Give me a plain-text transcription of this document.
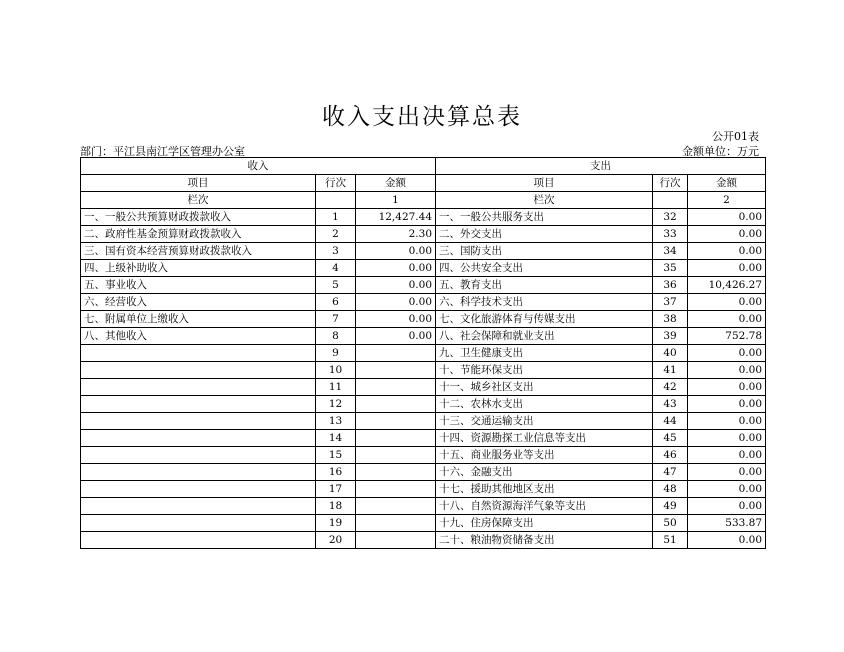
收入支出决算总表
公开01表
部门：平江县南江学区管理办公室	金额单位：万元
收入			支出		
项目	行次	金额	项目	行次	金额
栏次		1	栏次		2
一、一般公共预算财政拨款收入	1	12,427.44	一、一般公共服务支出	32	0.00
二、政府性基金预算财政拨款收入	2	2.30	二、外交支出	33	0.00
三、国有资本经营预算财政拨款收入	3	0.00	三、国防支出	34	0.00
四、上级补助收入	4	0.00	四、公共安全支出	35	0.00
五、事业收入	5	0.00	五、教育支出	36	10,426.27
六、经营收入	6	0.00	六、科学技术支出	37	0.00
七、附属单位上缴收入	7	0.00	七、文化旅游体育与传媒支出	38	0.00
八、其他收入	8	0.00	八、社会保障和就业支出	39	752.78
	9		九、卫生健康支出	40	0.00
	10		十、节能环保支出	41	0.00
	11		十一、城乡社区支出	42	0.00
	12		十二、农林水支出	43	0.00
	13		十三、交通运输支出	44	0.00
	14		十四、资源勘探工业信息等支出	45	0.00
	15		十五、商业服务业等支出	46	0.00
	16		十六、金融支出	47	0.00
	17		十七、援助其他地区支出	48	0.00
	18		十八、自然资源海洋气象等支出	49	0.00
	19		十九、住房保障支出	50	533.87
	20		二十、粮油物资储备支出	51	0.00
